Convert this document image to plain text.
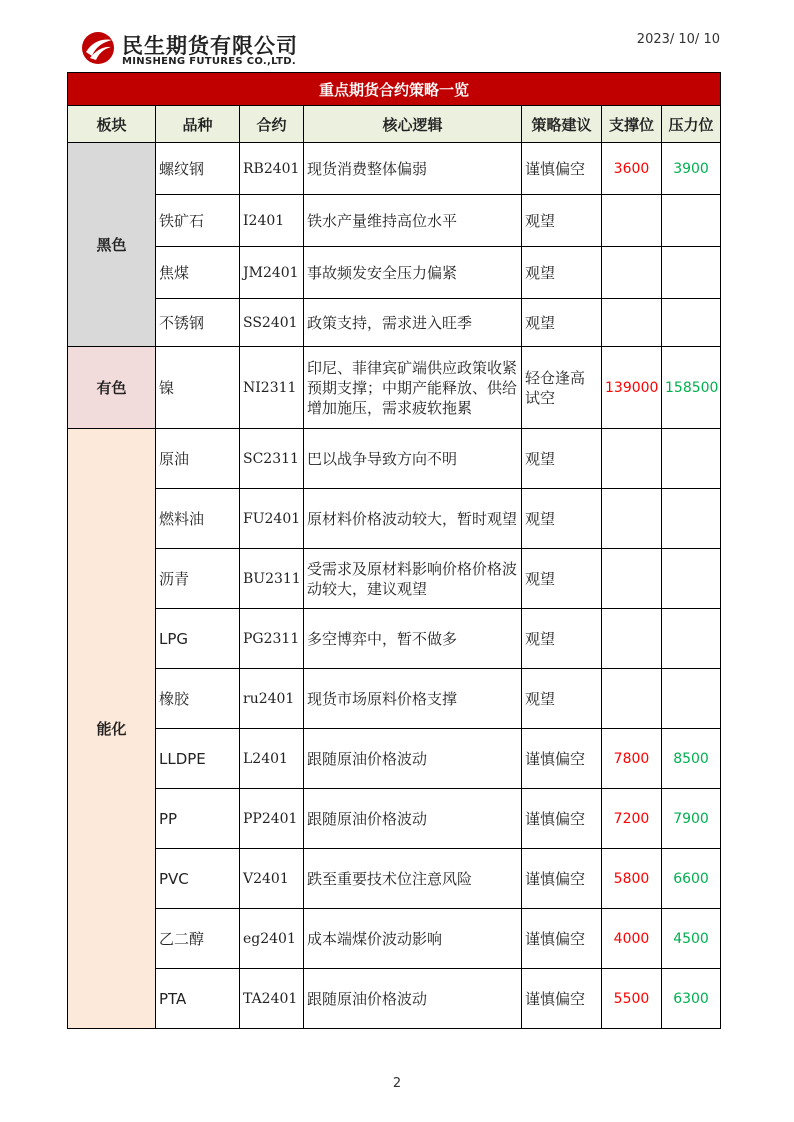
民生期货有限公司
MINSHENG FUTURES CO.,LTD.
2023/ 10/ 10
重点期货合约策略一览						
板块	品种	合约	核心逻辑	策略建议	支撑位	压力位
黑色	螺纹钢	RB2401	现货消费整体偏弱	谨慎偏空	3600	3900
	铁矿石	I2401	铁水产量维持高位水平	观望		
	焦煤	JM2401	事故频发安全压力偏紧	观望		
	不锈钢	SS2401	政策支持，需求进入旺季	观望		
有色	镍	NI2311	印尼、菲律宾矿端供应政策收紧预期支撑；中期产能释放、供给增加施压，需求疲软拖累	轻仓逢高试空	139000	158500
能化	原油	SC2311	巴以战争导致方向不明	观望		
	燃料油	FU2401	原材料价格波动较大，暂时观望	观望		
	沥青	BU2311	受需求及原材料影响价格价格波动较大，建议观望	观望		
	LPG	PG2311	多空博弈中，暂不做多	观望		
	橡胶	ru2401	现货市场原料价格支撑	观望		
	LLDPE	L2401	跟随原油价格波动	谨慎偏空	7800	8500
	PP	PP2401	跟随原油价格波动	谨慎偏空	7200	7900
	PVC	V2401	跌至重要技术位注意风险	谨慎偏空	5800	6600
	乙二醇	eg2401	成本端煤价波动影响	谨慎偏空	4000	4500
	PTA	TA2401	跟随原油价格波动	谨慎偏空	5500	6300
2
